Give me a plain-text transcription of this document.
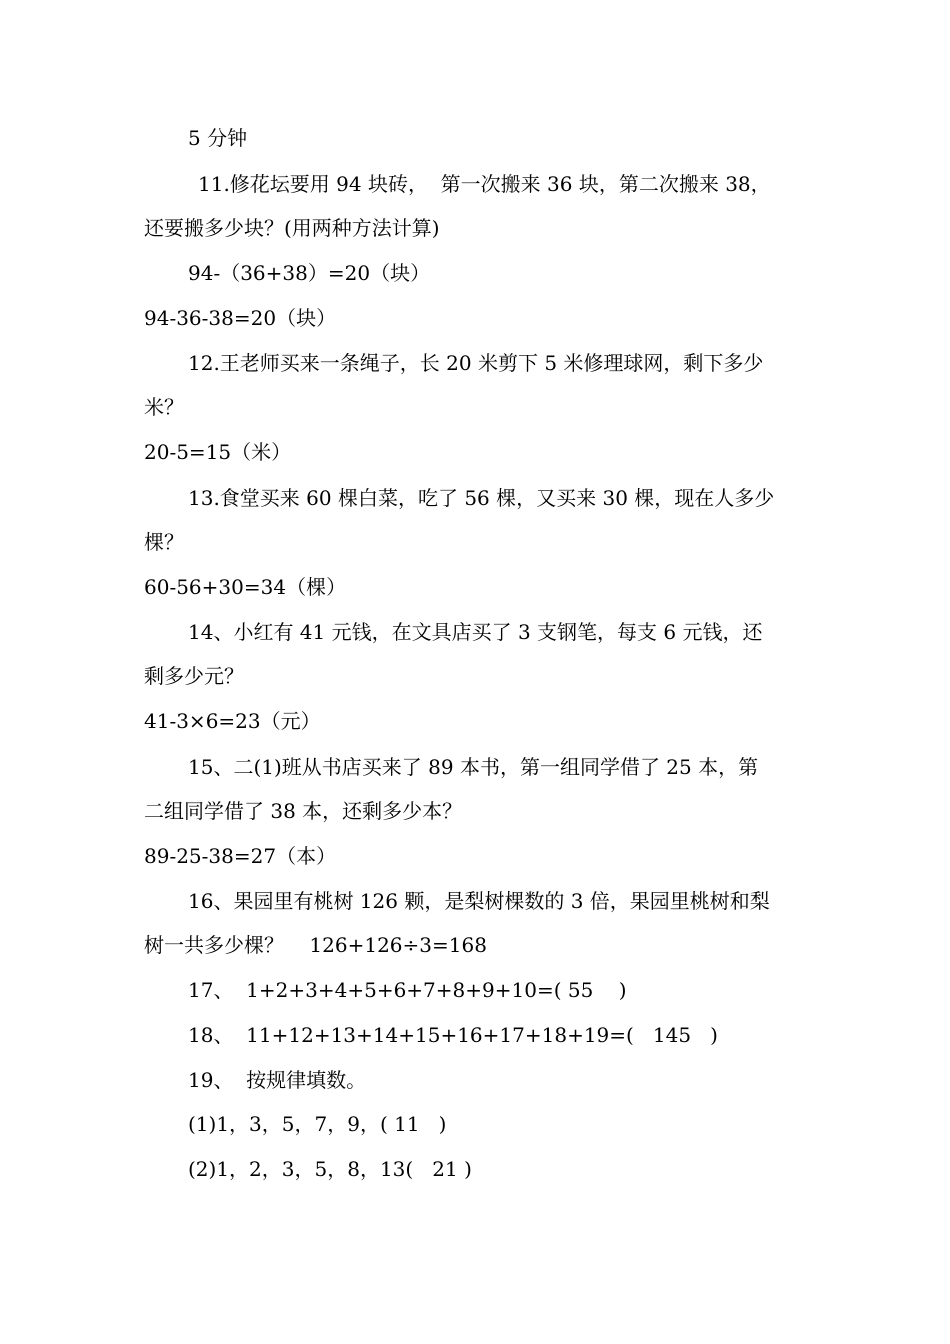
5 分钟
11.修花坛要用 94 块砖，  第一次搬来 36 块，第二次搬来 38，
还要搬多少块？(用两种方法计算)
94-（36+38）=20（块）
94-36-38=20（块）
12.王老师买来一条绳子，长 20 米剪下 5 米修理球网，剩下多少
米？
20-5=15（米）
13.食堂买来 60 棵白菜，吃了 56 棵，又买来 30 棵，现在人多少
棵？
60-56+30=34（棵）
14、小红有 41 元钱，在文具店买了 3 支钢笔，每支 6 元钱，还
剩多少元？
41-3×6=23（元）
15、二(1)班从书店买来了 89 本书，第一组同学借了 25 本，第
二组同学借了 38 本，还剩多少本？
89-25-38=27（本）
16、果园里有桃树 126 颗，是梨树棵数的 3 倍，果园里桃树和梨
树一共多少棵？    126+126÷3=168
17、  1+2+3+4+5+6+7+8+9+10=( 55    )
18、  11+12+13+14+15+16+17+18+19=(   145   )
19、  按规律填数。
(1)1，3，5，7，9，( 11   )
(2)1，2，3，5，8，13(   21 )
